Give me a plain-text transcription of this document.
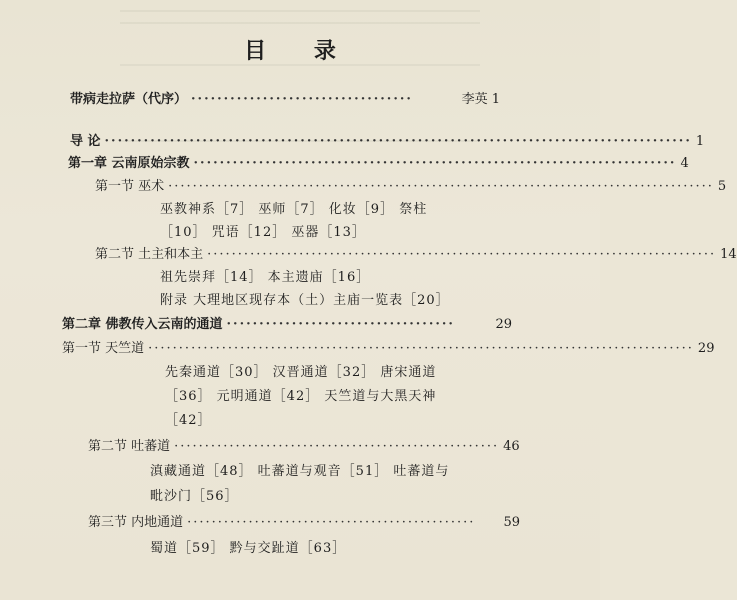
目 录
带病走拉萨（代序） ··································	李英 1
导 论 ·························································································· 1
第一章 云南原始宗教 ·········································································· 4
第一节 巫术 ························································································· 5
巫教神系［7］ 巫师［7］ 化妆［9］ 祭柱
［10］ 咒语［12］ 巫器［13］
第二节 土主和本主 ··················································································· 14
祖先崇拜［14］ 本主遗庙［16］
附录 大理地区现存本（土）主庙一览表［20］
第二章 佛教传入云南的通道 ···································	29
第一节 天竺道 ························································································· 29
先秦通道［30］ 汉晋通道［32］ 唐宋通道
［36］ 元明通道［42］ 天竺道与大黑天神
［42］
第二节 吐蕃道 ····················································· 46
滇藏通道［48］ 吐蕃道与观音［51］ 吐蕃道与
毗沙门［56］
第三节 内地通道 ···············································	59
蜀道［59］ 黔与交趾道［63］
